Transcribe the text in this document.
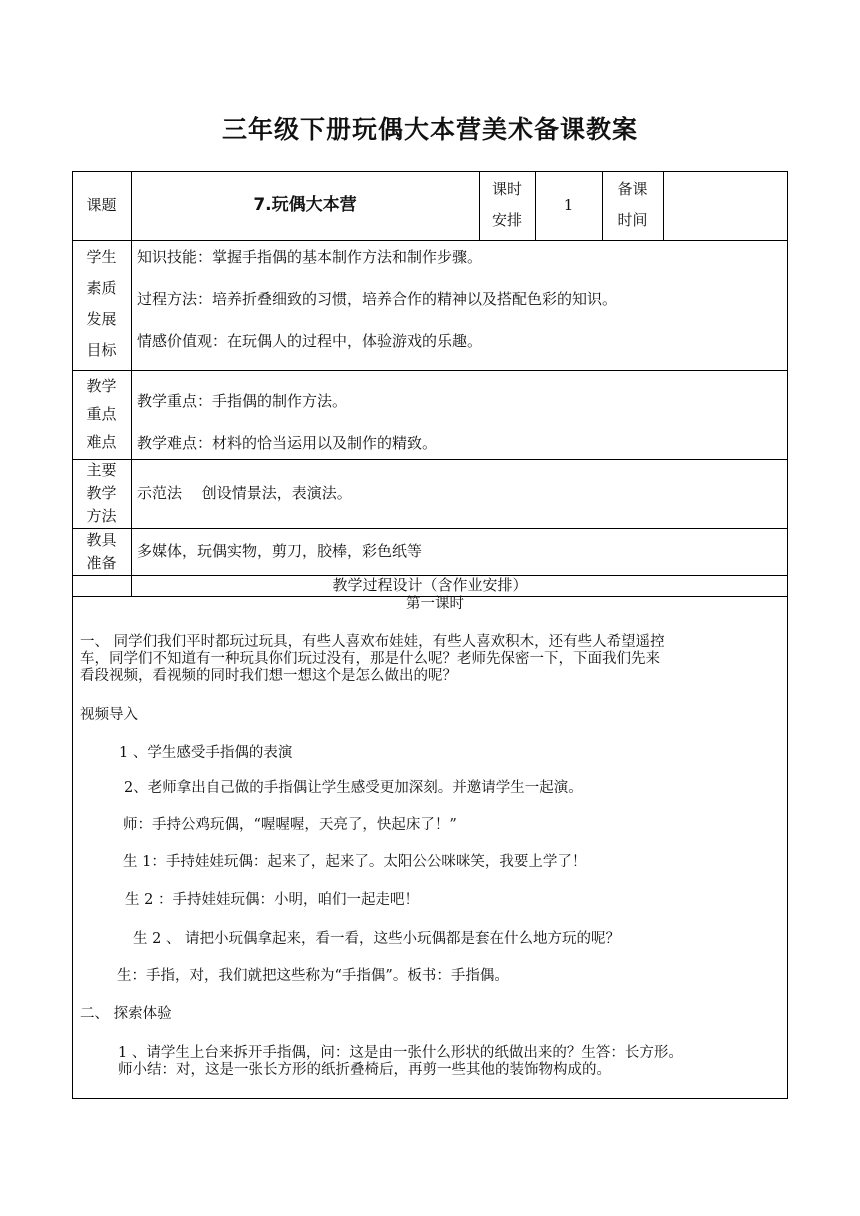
三年级下册玩偶大本营美术备课教案
课题	7.玩偶大本营

课时

安排

1

备课

时间

学生

素质

发展

目标

知识技能：掌握手指偶的基本制作方法和制作步骤。

过程方法：培养折叠细致的习惯，培养合作的精神以及搭配色彩的知识。

情感价值观：在玩偶人的过程中，体验游戏的乐趣。

教学

重点

难点

教学重点：手指偶的制作方法。

教学难点：材料的恰当运用以及制作的精致。

主要

教学

方法

示范法　 创设情景法，表演法。

教具

准备

多媒体，玩偶实物，剪刀，胶棒，彩色纸等
教学过程设计（含作业安排）
第一课时

一、 同学们我们平时都玩过玩具，有些人喜欢布娃娃，有些人喜欢积木，还有些人希望遥控

车，同学们不知道有一种玩具你们玩过没有，那是什么呢？老师先保密一下，下面我们先来

看段视频，看视频的同时我们想一想这个是怎么做出的呢？

视频导入
1 、学生感受手指偶的表演
2、老师拿出自己做的手指偶让学生感受更加深刻。并邀请学生一起演。
师：手持公鸡玩偶，“喔喔喔，天亮了，快起床了！”
生 1：手持娃娃玩偶：起来了，起来了。太阳公公咪咪笑，我要上学了！
生 2 ：手持娃娃玩偶：小明，咱们一起走吧！
生 2 、 请把小玩偶拿起来，看一看，这些小玩偶都是套在什么地方玩的呢？
生：手指，对，我们就把这些称为“手指偶”。板书：手指偶。
二、 探索体验

1 、请学生上台来拆开手指偶，问：这是由一张什么形状的纸做出来的？生答：长方形。

师小结：对，这是一张长方形的纸折叠椅后，再剪一些其他的装饰物构成的。
